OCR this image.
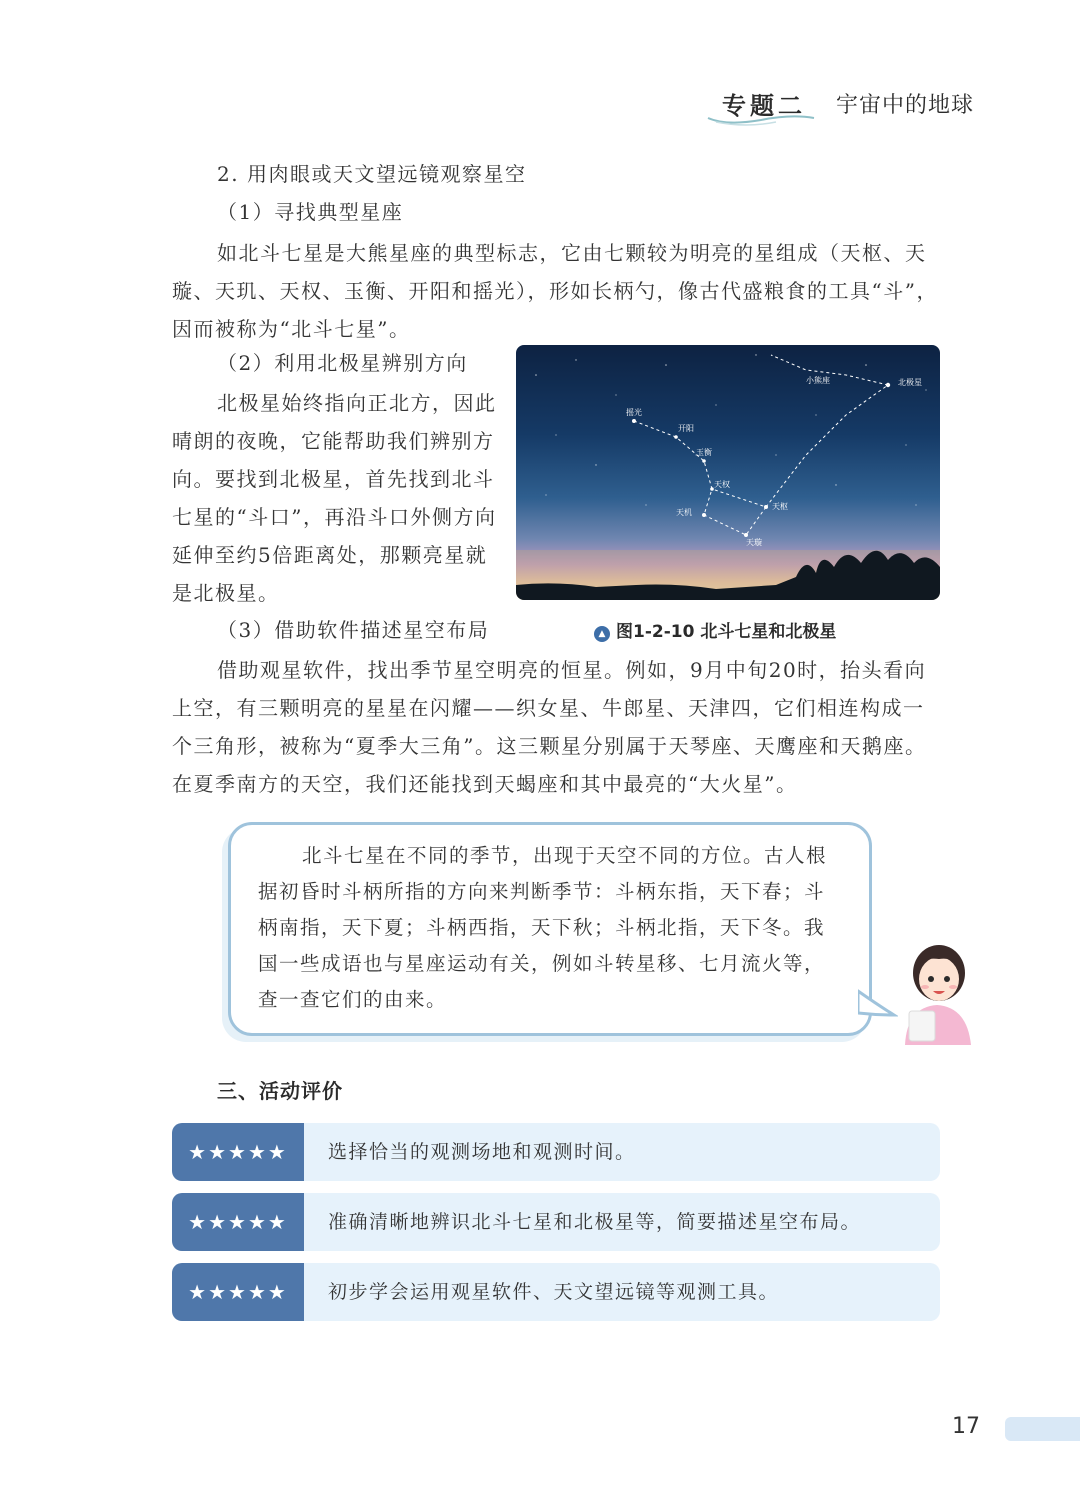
专题二 宇宙中的地球
2. 用肉眼或天文望远镜观察星空
（1）寻找典型星座
如北斗七星是大熊星座的典型标志，它由七颗较为明亮的星组成（天枢、天璇、天玑、天权、玉衡、开阳和摇光），形如长柄勺，像古代盛粮食的工具“斗”，因而被称为“北斗七星”。
（2）利用北极星辨别方向
北极星始终指向正北方，因此晴朗的夜晚，它能帮助我们辨别方向。要找到北极星，首先找到北斗七星的“斗口”，再沿斗口外侧方向延伸至约5倍距离处，那颗亮星就是北极星。
摇光
开阳
玉衡
天权
天机
天璇
天枢
小熊座	北极星
▲ 图1-2-10 北斗七星和北极星
（3）借助软件描述星空布局
借助观星软件，找出季节星空明亮的恒星。例如，9月中旬20时，抬头看向上空，有三颗明亮的星星在闪耀——织女星、牛郎星、天津四，它们相连构成一个三角形，被称为“夏季大三角”。这三颗星分别属于天琴座、天鹰座和天鹅座。在夏季南方的天空，我们还能找到天蝎座和其中最亮的“大火星”。
北斗七星在不同的季节，出现于天空不同的方位。古人根据初昏时斗柄所指的方向来判断季节：斗柄东指，天下春；斗柄南指，天下夏；斗柄西指，天下秋；斗柄北指，天下冬。我国一些成语也与星座运动有关，例如斗转星移、七月流火等，查一查它们的由来。
三、活动评价
★★★★★	选择恰当的观测场地和观测时间。
★★★★★	准确清晰地辨识北斗七星和北极星等，简要描述星空布局。
★★★★★	初步学会运用观星软件、天文望远镜等观测工具。
17
